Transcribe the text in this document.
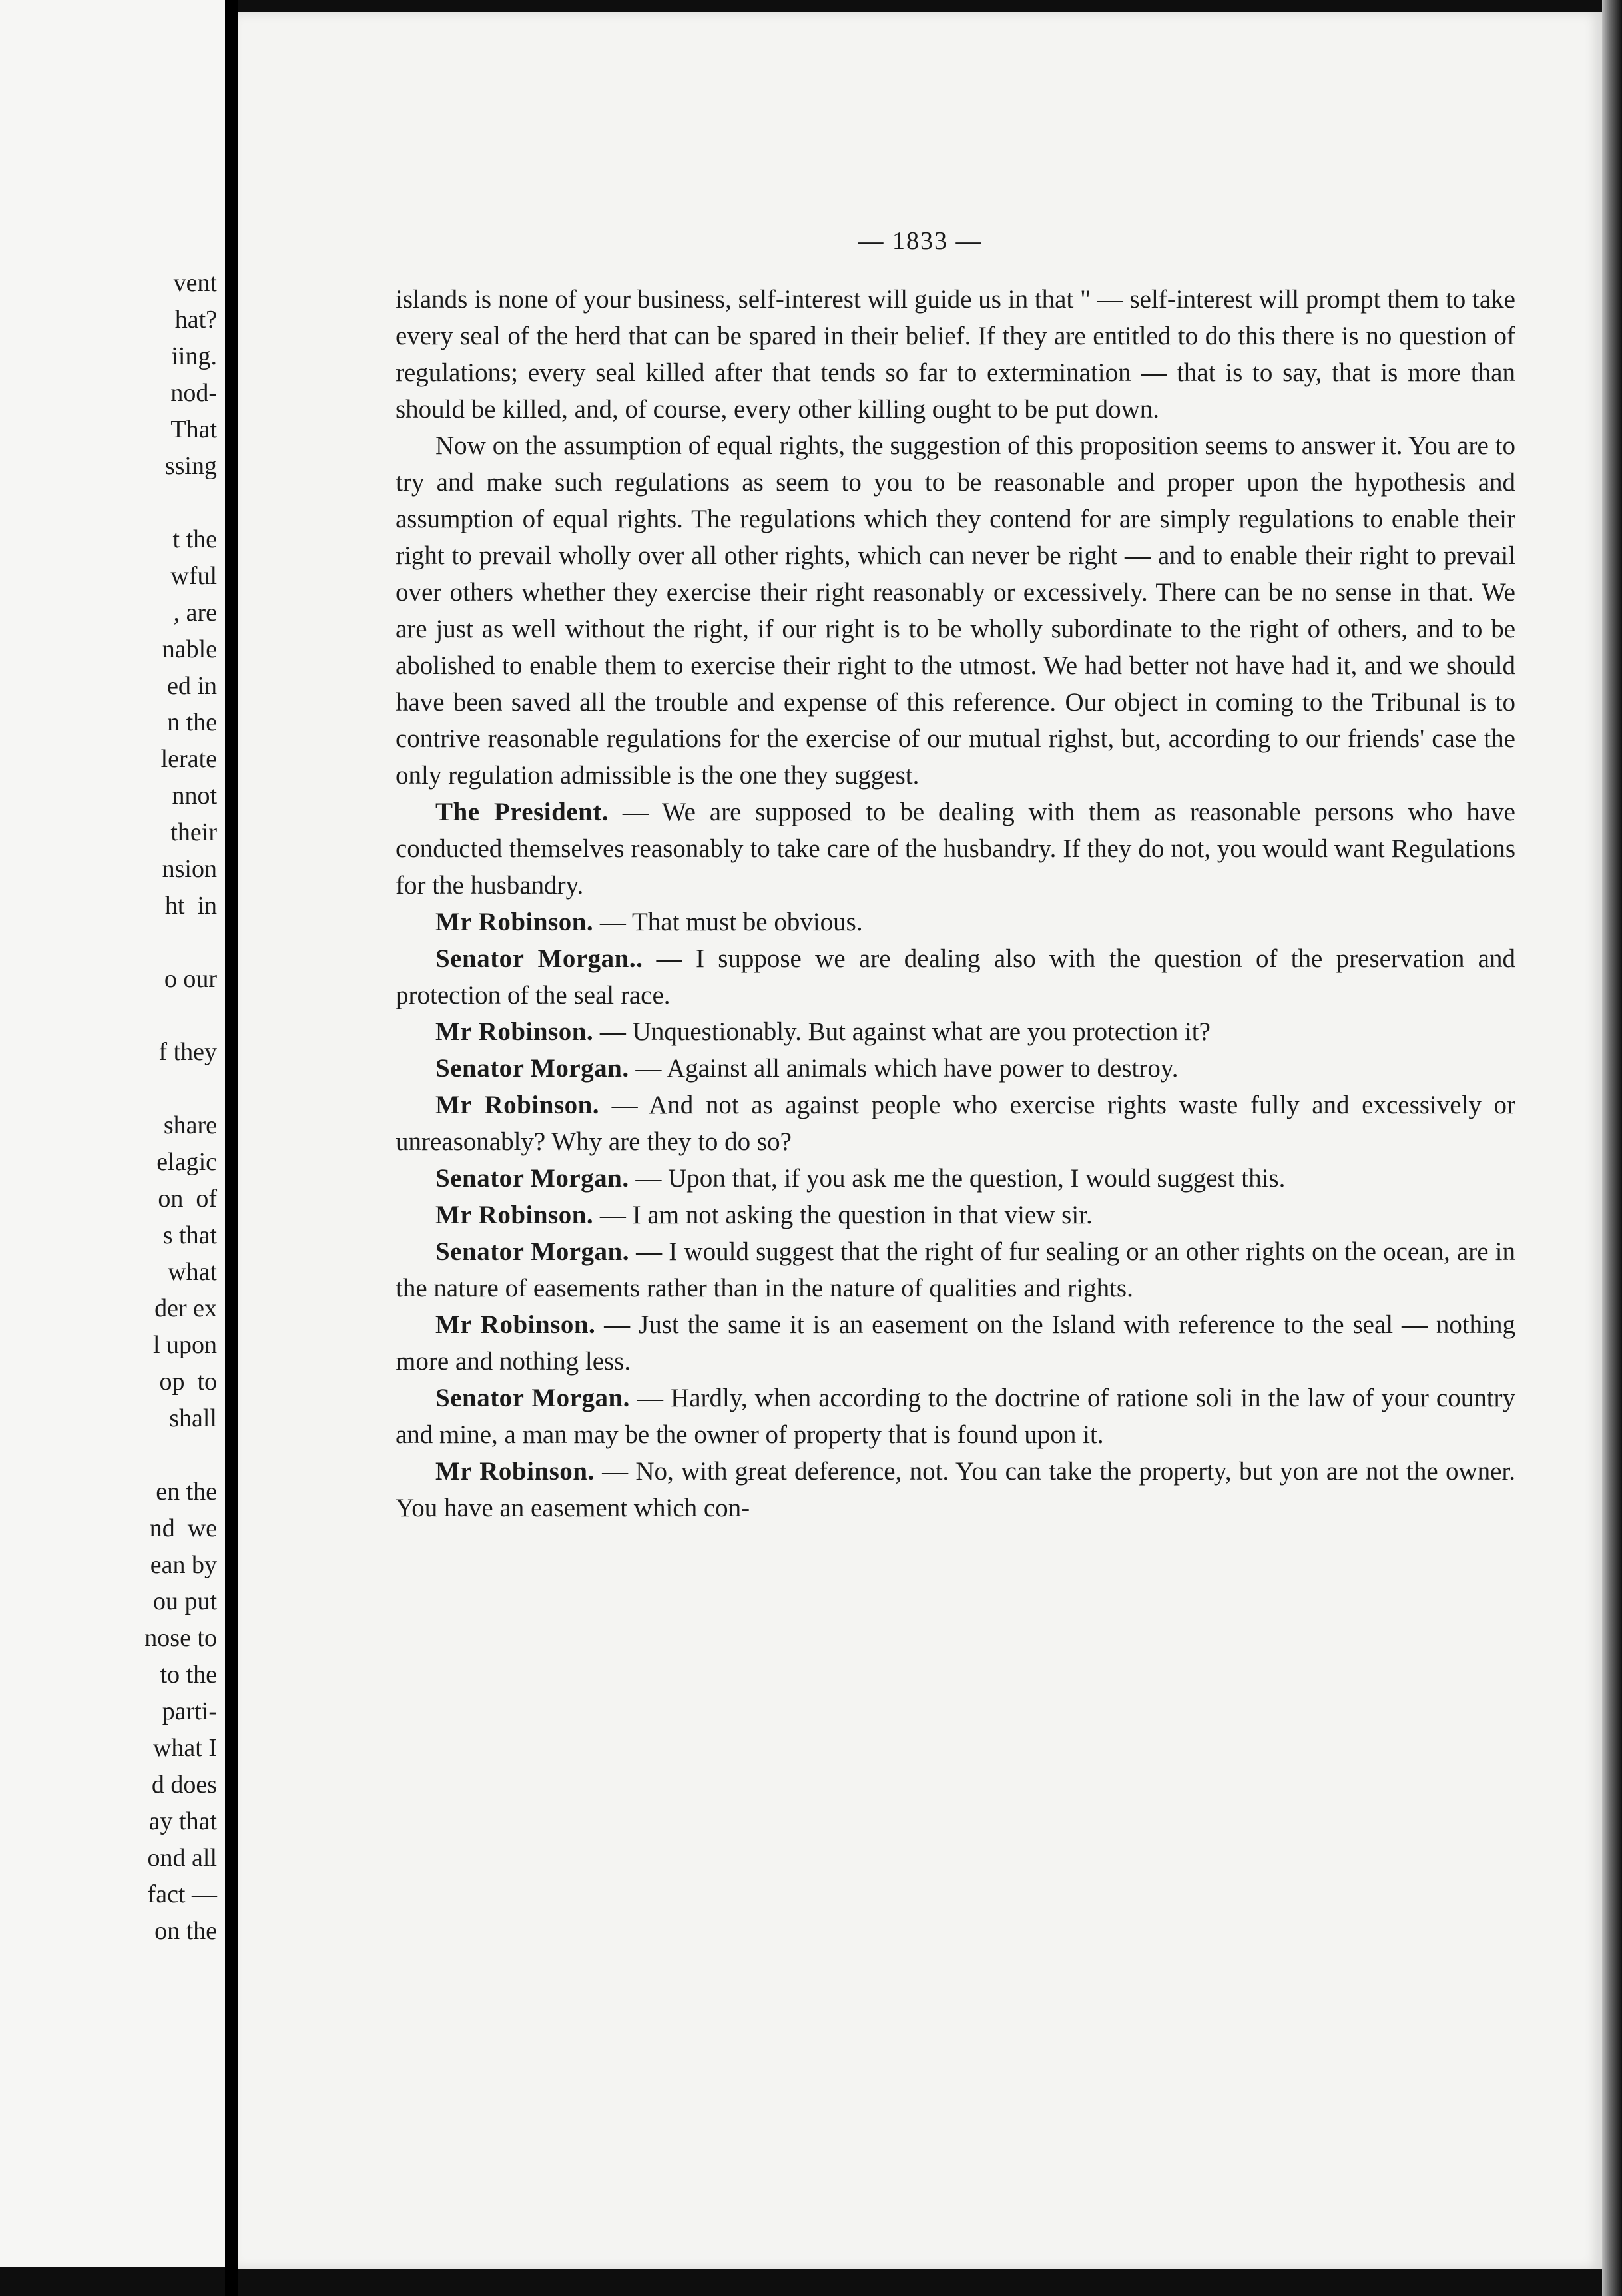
vent
hat?
iing.
nod-
That
ssing

t the
wful
, are
nable
ed in
n the
lerate
nnot
their
nsion
ht  in

o our

f they

share
elagic
on  of
s that
what
der ex
l upon
op  to
shall

en the
nd  we
ean by
ou put
nose to
to the
parti-
what I
d does
ay that
ond all
fact —
on the
— 1833 —

islands is none of your business, self-interest will guide us in that " — self-interest will prompt them to take every seal of the herd that can be spared in their belief. If they are entitled to do this there is no question of regulations; every seal killed after that tends so far to extermination — that is to say, that is more than should be killed, and, of course, every other killing ought to be put down.

Now on the assumption of equal rights, the suggestion of this proposition seems to answer it. You are to try and make such regulations as seem to you to be reasonable and proper upon the hypothesis and assumption of equal rights. The regulations which they contend for are simply regulations to enable their right to prevail wholly over all other rights, which can never be right — and to enable their right to prevail over others whether they exercise their right reasonably or excessively. There can be no sense in that. We are just as well without the right, if our right is to be wholly subordinate to the right of others, and to be abolished to enable them to exercise their right to the utmost. We had better not have had it, and we should have been saved all the trouble and expense of this reference. Our object in coming to the Tribunal is to contrive reasonable regulations for the exercise of our mutual righst, but, according to our friends' case the only regulation admissible is the one they suggest.

The President. — We are supposed to be dealing with them as reasonable persons who have conducted themselves reasonably to take care of the husbandry. If they do not, you would want Regulations for the husbandry.

Mr Robinson. — That must be obvious.

Senator Morgan.. — I suppose we are dealing also with the question of the preservation and protection of the seal race.

Mr Robinson. — Unquestionably. But against what are you protection it?

Senator Morgan. — Against all animals which have power to destroy.

Mr Robinson. — And not as against people who exercise rights waste fully and excessively or unreasonably? Why are they to do so?

Senator Morgan. — Upon that, if you ask me the question, I would suggest this.

Mr Robinson. — I am not asking the question in that view sir.

Senator Morgan. — I would suggest that the right of fur sealing or an other rights on the ocean, are in the nature of easements rather than in the nature of qualities and rights.

Mr Robinson. — Just the same it is an easement on the Island with reference to the seal — nothing more and nothing less.

Senator Morgan. — Hardly, when according to the doctrine of ratione soli in the law of your country and mine, a man may be the owner of property that is found upon it.

Mr Robinson. — No, with great deference, not. You can take the property, but yon are not the owner. You have an easement which con-
